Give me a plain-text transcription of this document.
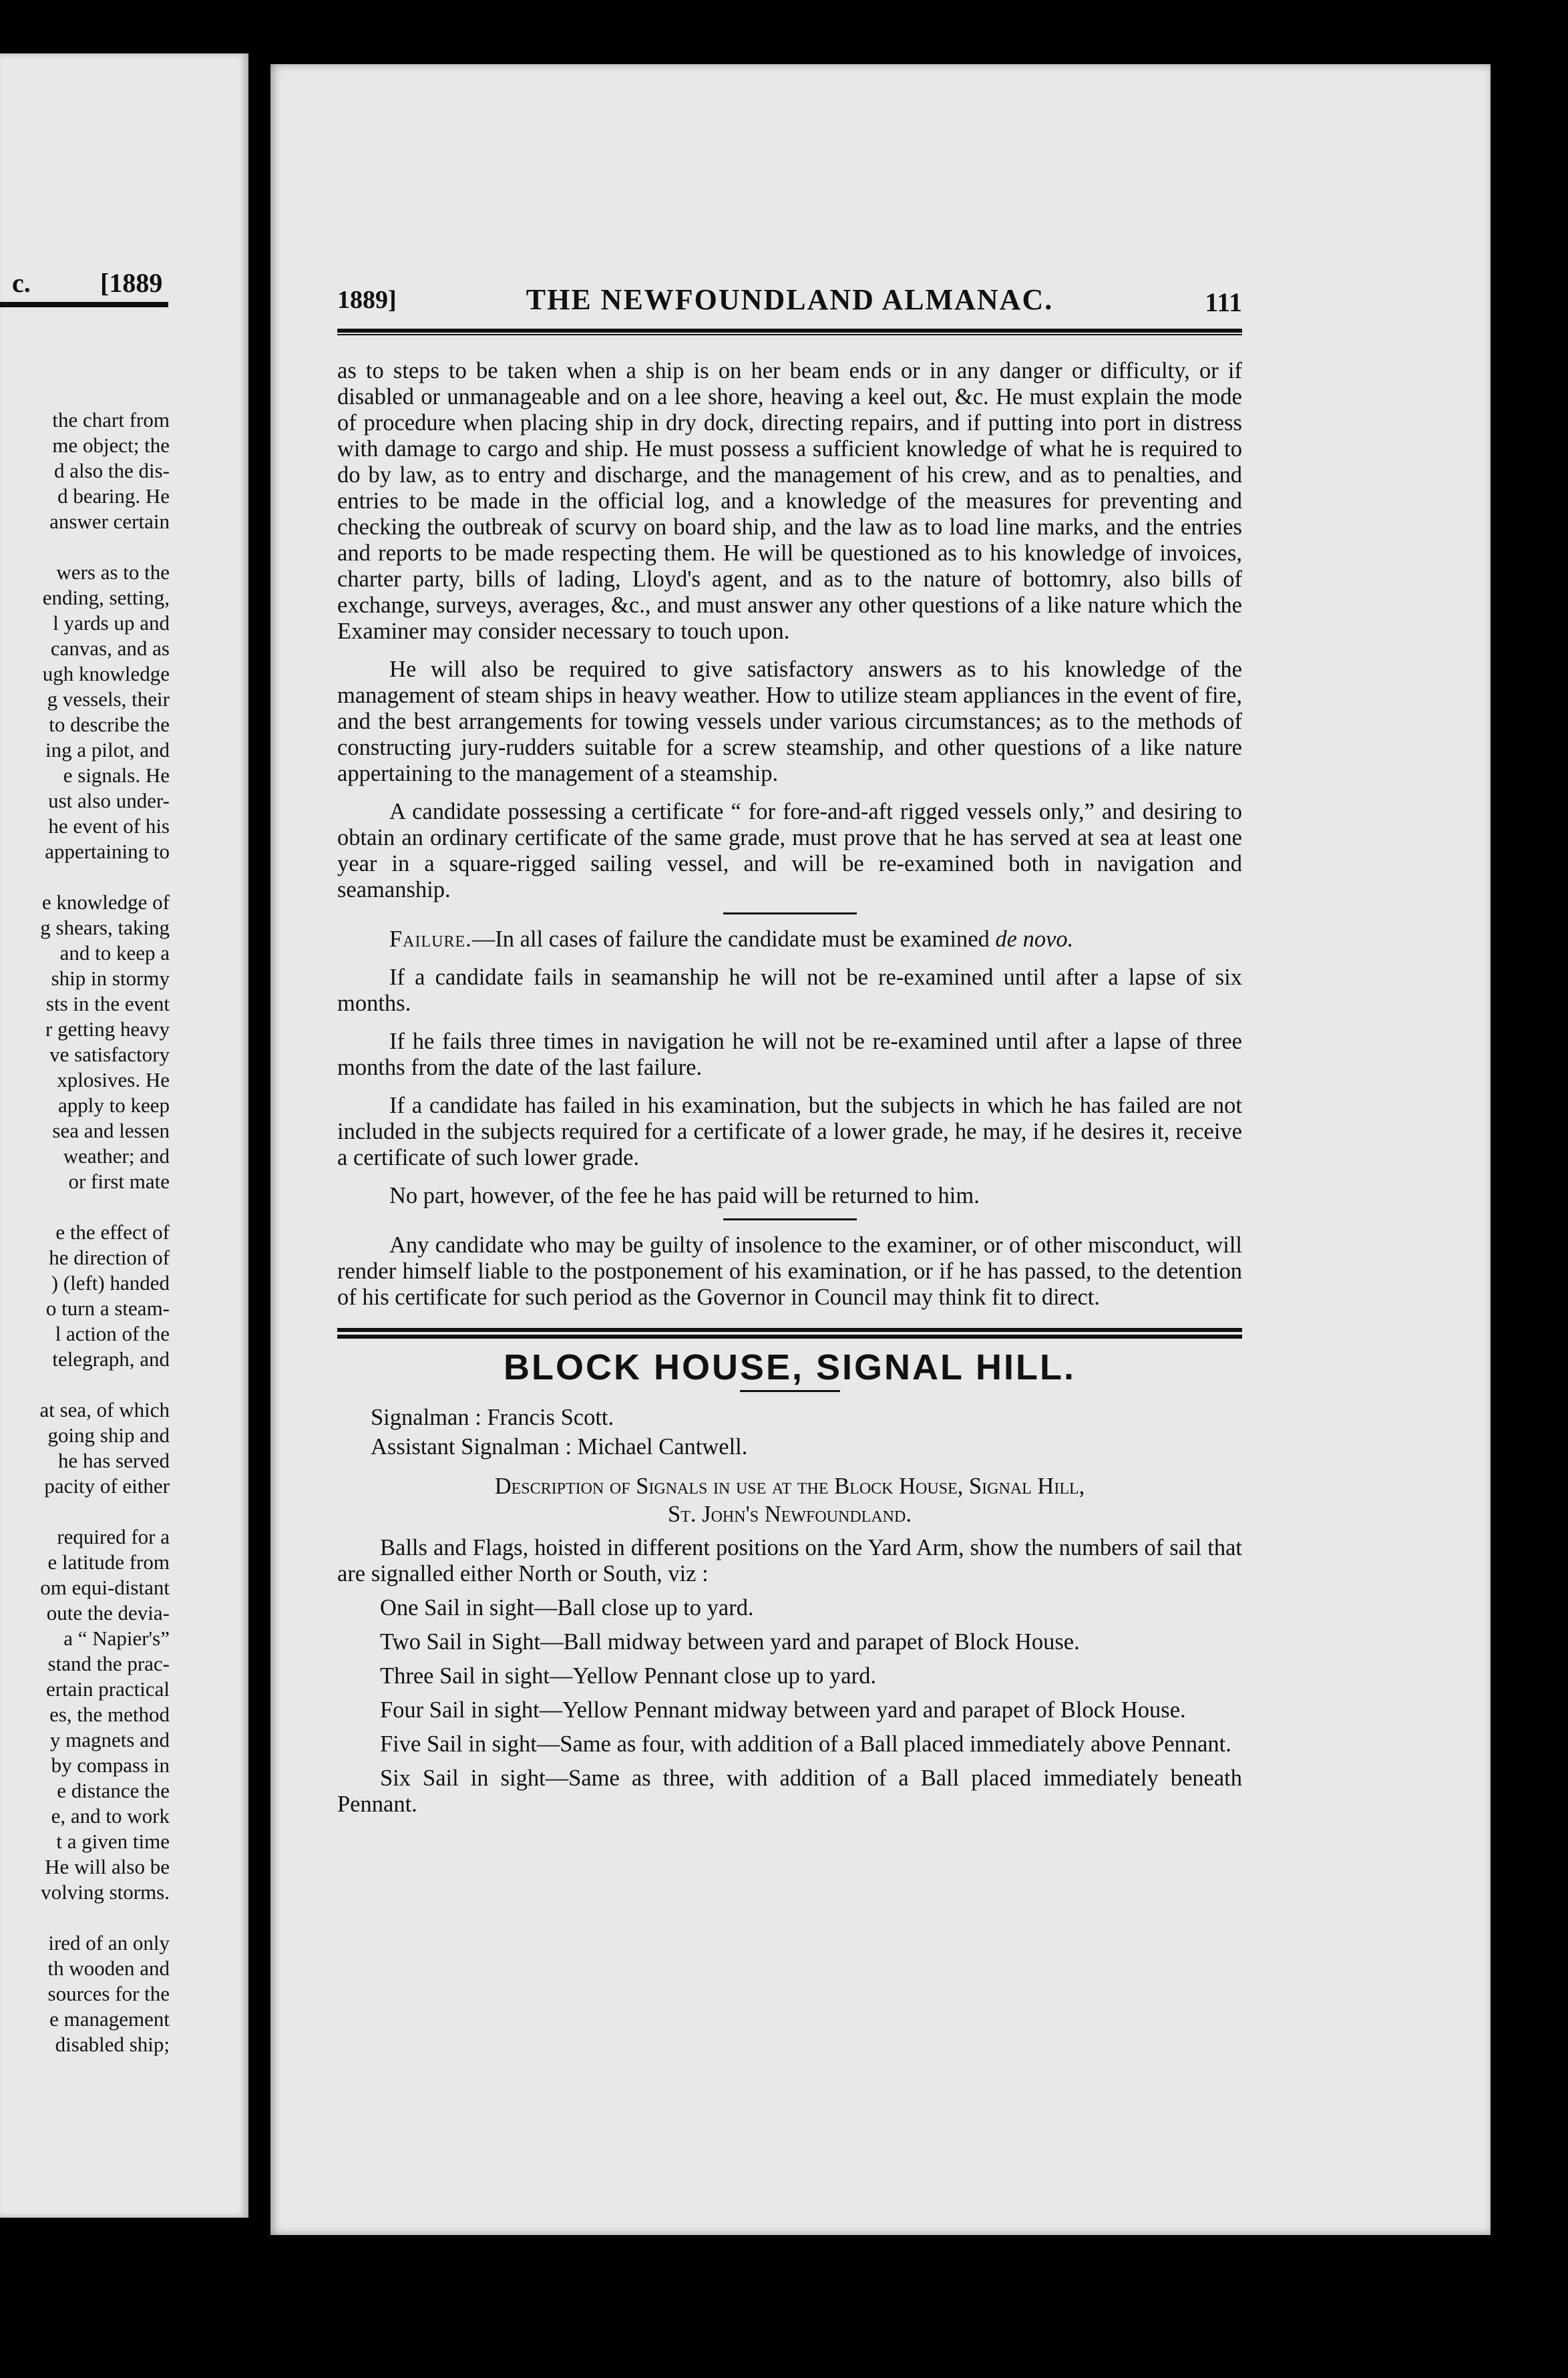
c.	[1889
the chart from
me object; the
d also the dis-
d bearing. He
answer certain
wers as to the
ending, setting,
l yards up and
canvas, and as
ugh knowledge
g vessels, their
to describe the
ing a pilot, and
e signals. He
ust also under-
he event of his
appertaining to
e knowledge of
g shears, taking
and to keep a
ship in stormy
sts in the event
r getting heavy
ve satisfactory
xplosives. He
apply to keep
sea and lessen
weather; and
or first mate
e the effect of
he direction of
) (left) handed
o turn a steam-
l action of the
telegraph, and
at sea, of which
going ship and
he has served
pacity of either
required for a
e latitude from
om equi-distant
oute the devia-
a “ Napier's”
stand the prac-
ertain practical
es, the method
y magnets and
by compass in
e distance the
e, and to work
t a given time
He will also be
volving storms.
ired of an only
th wooden and
sources for the
e management
disabled ship;
1889]	THE NEWFOUNDLAND ALMANAC.	111

as to steps to be taken when a ship is on her beam ends or in any danger or difficulty, or if disabled or unmanageable and on a lee shore, heaving a keel out, &c. He must explain the mode of procedure when placing ship in dry dock, directing repairs, and if putting into port in distress with damage to cargo and ship. He must possess a sufficient knowledge of what he is required to do by law, as to entry and discharge, and the management of his crew, and as to penalties, and entries to be made in the official log, and a knowledge of the measures for preventing and checking the outbreak of scurvy on board ship, and the law as to load line marks, and the entries and reports to be made respecting them. He will be questioned as to his knowledge of invoices, charter party, bills of lading, Lloyd's agent, and as to the nature of bottomry, also bills of exchange, surveys, averages, &c., and must answer any other questions of a like nature which the Examiner may consider necessary to touch upon.

He will also be required to give satisfactory answers as to his knowledge of the management of steam ships in heavy weather. How to utilize steam appliances in the event of fire, and the best arrangements for towing vessels under various circumstances; as to the methods of constructing jury-rudders suitable for a screw steamship, and other questions of a like nature appertaining to the management of a steamship.

A candidate possessing a certificate “ for fore-and-aft rigged vessels only,” and desiring to obtain an ordinary certificate of the same grade, must prove that he has served at sea at least one year in a square-rigged sailing vessel, and will be re-examined both in navigation and seamanship.

Failure.—In all cases of failure the candidate must be examined de novo.

If a candidate fails in seamanship he will not be re-examined until after a lapse of six months.

If he fails three times in navigation he will not be re-examined until after a lapse of three months from the date of the last failure.

If a candidate has failed in his examination, but the subjects in which he has failed are not included in the subjects required for a certificate of a lower grade, he may, if he desires it, receive a certificate of such lower grade.

No part, however, of the fee he has paid will be returned to him.

Any candidate who may be guilty of insolence to the examiner, or of other misconduct, will render himself liable to the postponement of his examination, or if he has passed, to the detention of his certificate for such period as the Governor in Council may think fit to direct.

BLOCK HOUSE, SIGNAL HILL.
Signalman : Francis Scott.
Assistant Signalman : Michael Cantwell.
Description of Signals in use at the Block House, Signal Hill,
St. John's Newfoundland.

Balls and Flags, hoisted in different positions on the Yard Arm, show the numbers of sail that are signalled either North or South, viz :

One Sail in sight—Ball close up to yard.

Two Sail in Sight—Ball midway between yard and parapet of Block House.

Three Sail in sight—Yellow Pennant close up to yard.

Four Sail in sight—Yellow Pennant midway between yard and parapet of Block House.

Five Sail in sight—Same as four, with addition of a Ball placed immediately above Pennant.

Six Sail in sight—Same as three, with addition of a Ball placed immediately beneath Pennant.
